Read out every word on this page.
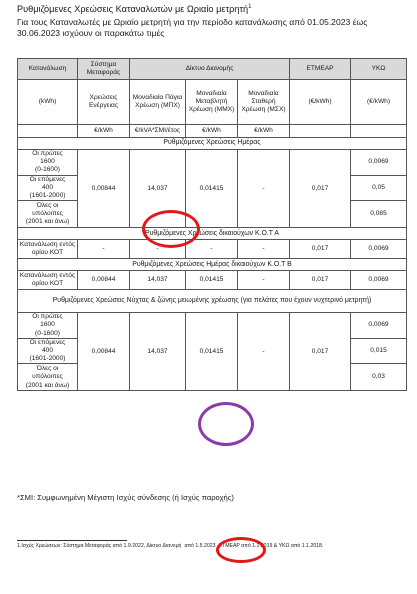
Ρυθμιζόμενες Χρεώσεις Καταναλωτών με Ωριαίο μετρητή$^1$
Για τους Καταναλωτές με Ωριαίο μετρητή για την περίοδο κατανάλωσης από 01.05.2023 έως 30.06.2023 ισχύουν οι παρακάτω τιμές
Κατανάλωση	Σύστημα Μεταφοράς	Δίκτυο Διανομής			ΕΤΜΕΑΡ	ΥΚΩ
(kWh)	Χρεώσεις Ενέργειας	Μοναδιαία Πάγια Χρέωση (ΜΠΧ)	Μοναδιαία Μεταβλητή Χρέωση (ΜΜΧ)	Μοναδιαία Σταθερή Χρέωση (ΜΣΧ)	(€/kWh)	(€/kWh)
	€/kWh	€/kVA*ΣΜΙ/έτος	€/kWh	€/kWh		
Ρυθμιζόμενες Χρεώσεις Ημέρας						
Οι πρώτες
1600
(0-1600)	0,00844	14,037	0,01415	-	0,017	0,0069
Οι επόμενες
400
(1601-2000)						0,05
Όλες οι
υπόλοιπες
(2001 και άνω)						0,085
Ρυθμιζόμενες Χρεώσεις δικαιούχων Κ.Ο.Τ Α						
Κατανάλωση εντός ορίου ΚΟΤ	-	-	-	-	0,017	0,0069
Ρυθμιζόμενες Χρεώσεις Ημέρας δικαιούχων Κ.Ο.Τ Β						
Κατανάλωση εντός ορίου ΚΟΤ	0,00844	14,037	0,01415	-	0,017	0,0069
Ρυθμιζόμενες Χρεώσεις Νύχτας & ζώνης μειωμένης χρέωσης (για πελάτες που έχουν νυχτερινό μετρητή)						
Οι πρώτες
1600
(0-1600)	0,00844	14,037	0,01415	-	0,017	0,0069
Οι επόμενες
400
(1601-2000)						0,015
Όλες οι
υπόλοιπες
(2001 και άνω)						0,03
*ΣΜΙ: Συμφωνημένη Μέγιστη Ισχύς σύνδεσης (ή Ισχύς παροχής)
1.Ισχύς Χρεώσεων: Σύστημα Μεταφοράς από 1.9.2022, Δίκτυο Διανομή από 1.5.2023 ΕΤΜΕΑΡ από 1.1.2019 & ΥΚΩ από 1.1.2018.
